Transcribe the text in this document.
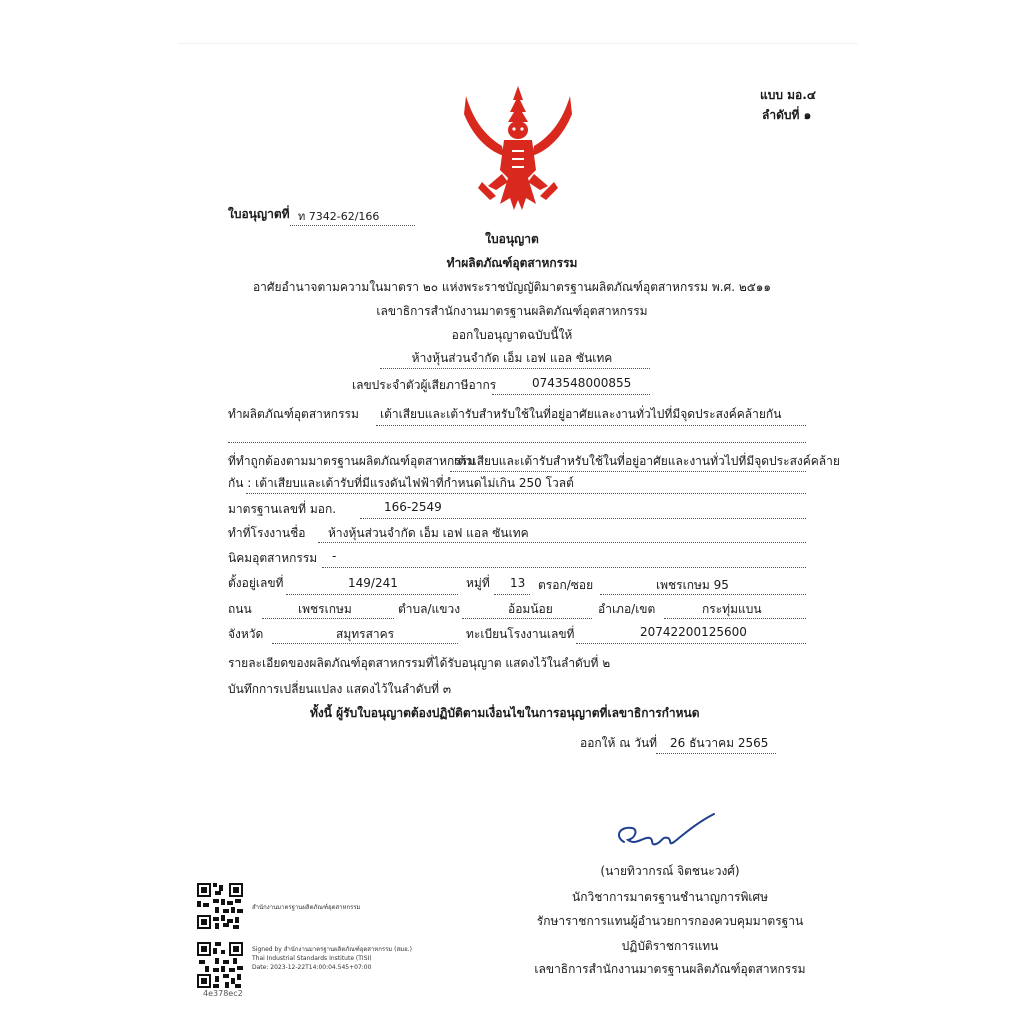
แบบ มอ.๔
ลำดับที่ ๑
ใบอนุญาตที่ ท 7342-62/166
ใบอนุญาต
ทำผลิตภัณฑ์อุตสาหกรรม
อาศัยอำนาจตามความในมาตรา ๒๐ แห่งพระราชบัญญัติมาตรฐานผลิตภัณฑ์อุตสาหกรรม พ.ศ. ๒๕๑๑
เลขาธิการสำนักงานมาตรฐานผลิตภัณฑ์อุตสาหกรรม
ออกใบอนุญาตฉบับนี้ให้
ห้างหุ้นส่วนจำกัด เอ็ม เอฟ แอล ซันเทค
เลขประจำตัวผู้เสียภาษีอากร	0743548000855
ทำผลิตภัณฑ์อุตสาหกรรม เต้าเสียบและเต้ารับสำหรับใช้ในที่อยู่อาศัยและงานทั่วไปที่มีจุดประสงค์คล้ายกัน
ที่ทำถูกต้องตามมาตรฐานผลิตภัณฑ์อุตสาหกรรม
เต้าเสียบและเต้ารับสำหรับใช้ในที่อยู่อาศัยและงานทั่วไปที่มีจุดประสงค์คล้าย
กัน : เต้าเสียบและเต้ารับที่มีแรงดันไฟฟ้าที่กำหนดไม่เกิน 250 โวลต์
มาตรฐานเลขที่ มอก.	166-2549
ทำที่โรงงานชื่อ ห้างหุ้นส่วนจำกัด เอ็ม เอฟ แอล ซันเทค
นิคมอุตสาหกรรม -
ตั้งอยู่เลขที่	149/241	หมู่ที่ 13 ตรอก/ซอย	เพชรเกษม 95
ถนน	เพชรเกษม	ตำบล/แขวง	อ้อมน้อย	อำเภอ/เขต	กระทุ่มแบน
จังหวัด	สมุทรสาคร	ทะเบียนโรงงานเลขที่	20742200125600
รายละเอียดของผลิตภัณฑ์อุตสาหกรรมที่ได้รับอนุญาต แสดงไว้ในลำดับที่ ๒
บันทึกการเปลี่ยนแปลง แสดงไว้ในลำดับที่ ๓
ทั้งนี้ ผู้รับใบอนุญาตต้องปฏิบัติตามเงื่อนไขในการอนุญาตที่เลขาธิการกำหนด
ออกให้ ณ วันที่ 26 ธันวาคม 2565
(นายทิวากรณ์ จิตชนะวงศ์)
นักวิชาการมาตรฐานชำนาญการพิเศษ
รักษาราชการแทนผู้อำนวยการกองควบคุมมาตรฐาน
ปฏิบัติราชการแทน
เลขาธิการสำนักงานมาตรฐานผลิตภัณฑ์อุตสาหกรรม
สำนักงานมาตรฐานผลิตภัณฑ์อุตสาหกรรม
Signed by สำนักงานมาตรฐานผลิตภัณฑ์อุตสาหกรรม (สมอ.)
Thai Industrial Standards Institute (TISI)
Date: 2023-12-22T14:00:04.545+07:00
4e378ec2
